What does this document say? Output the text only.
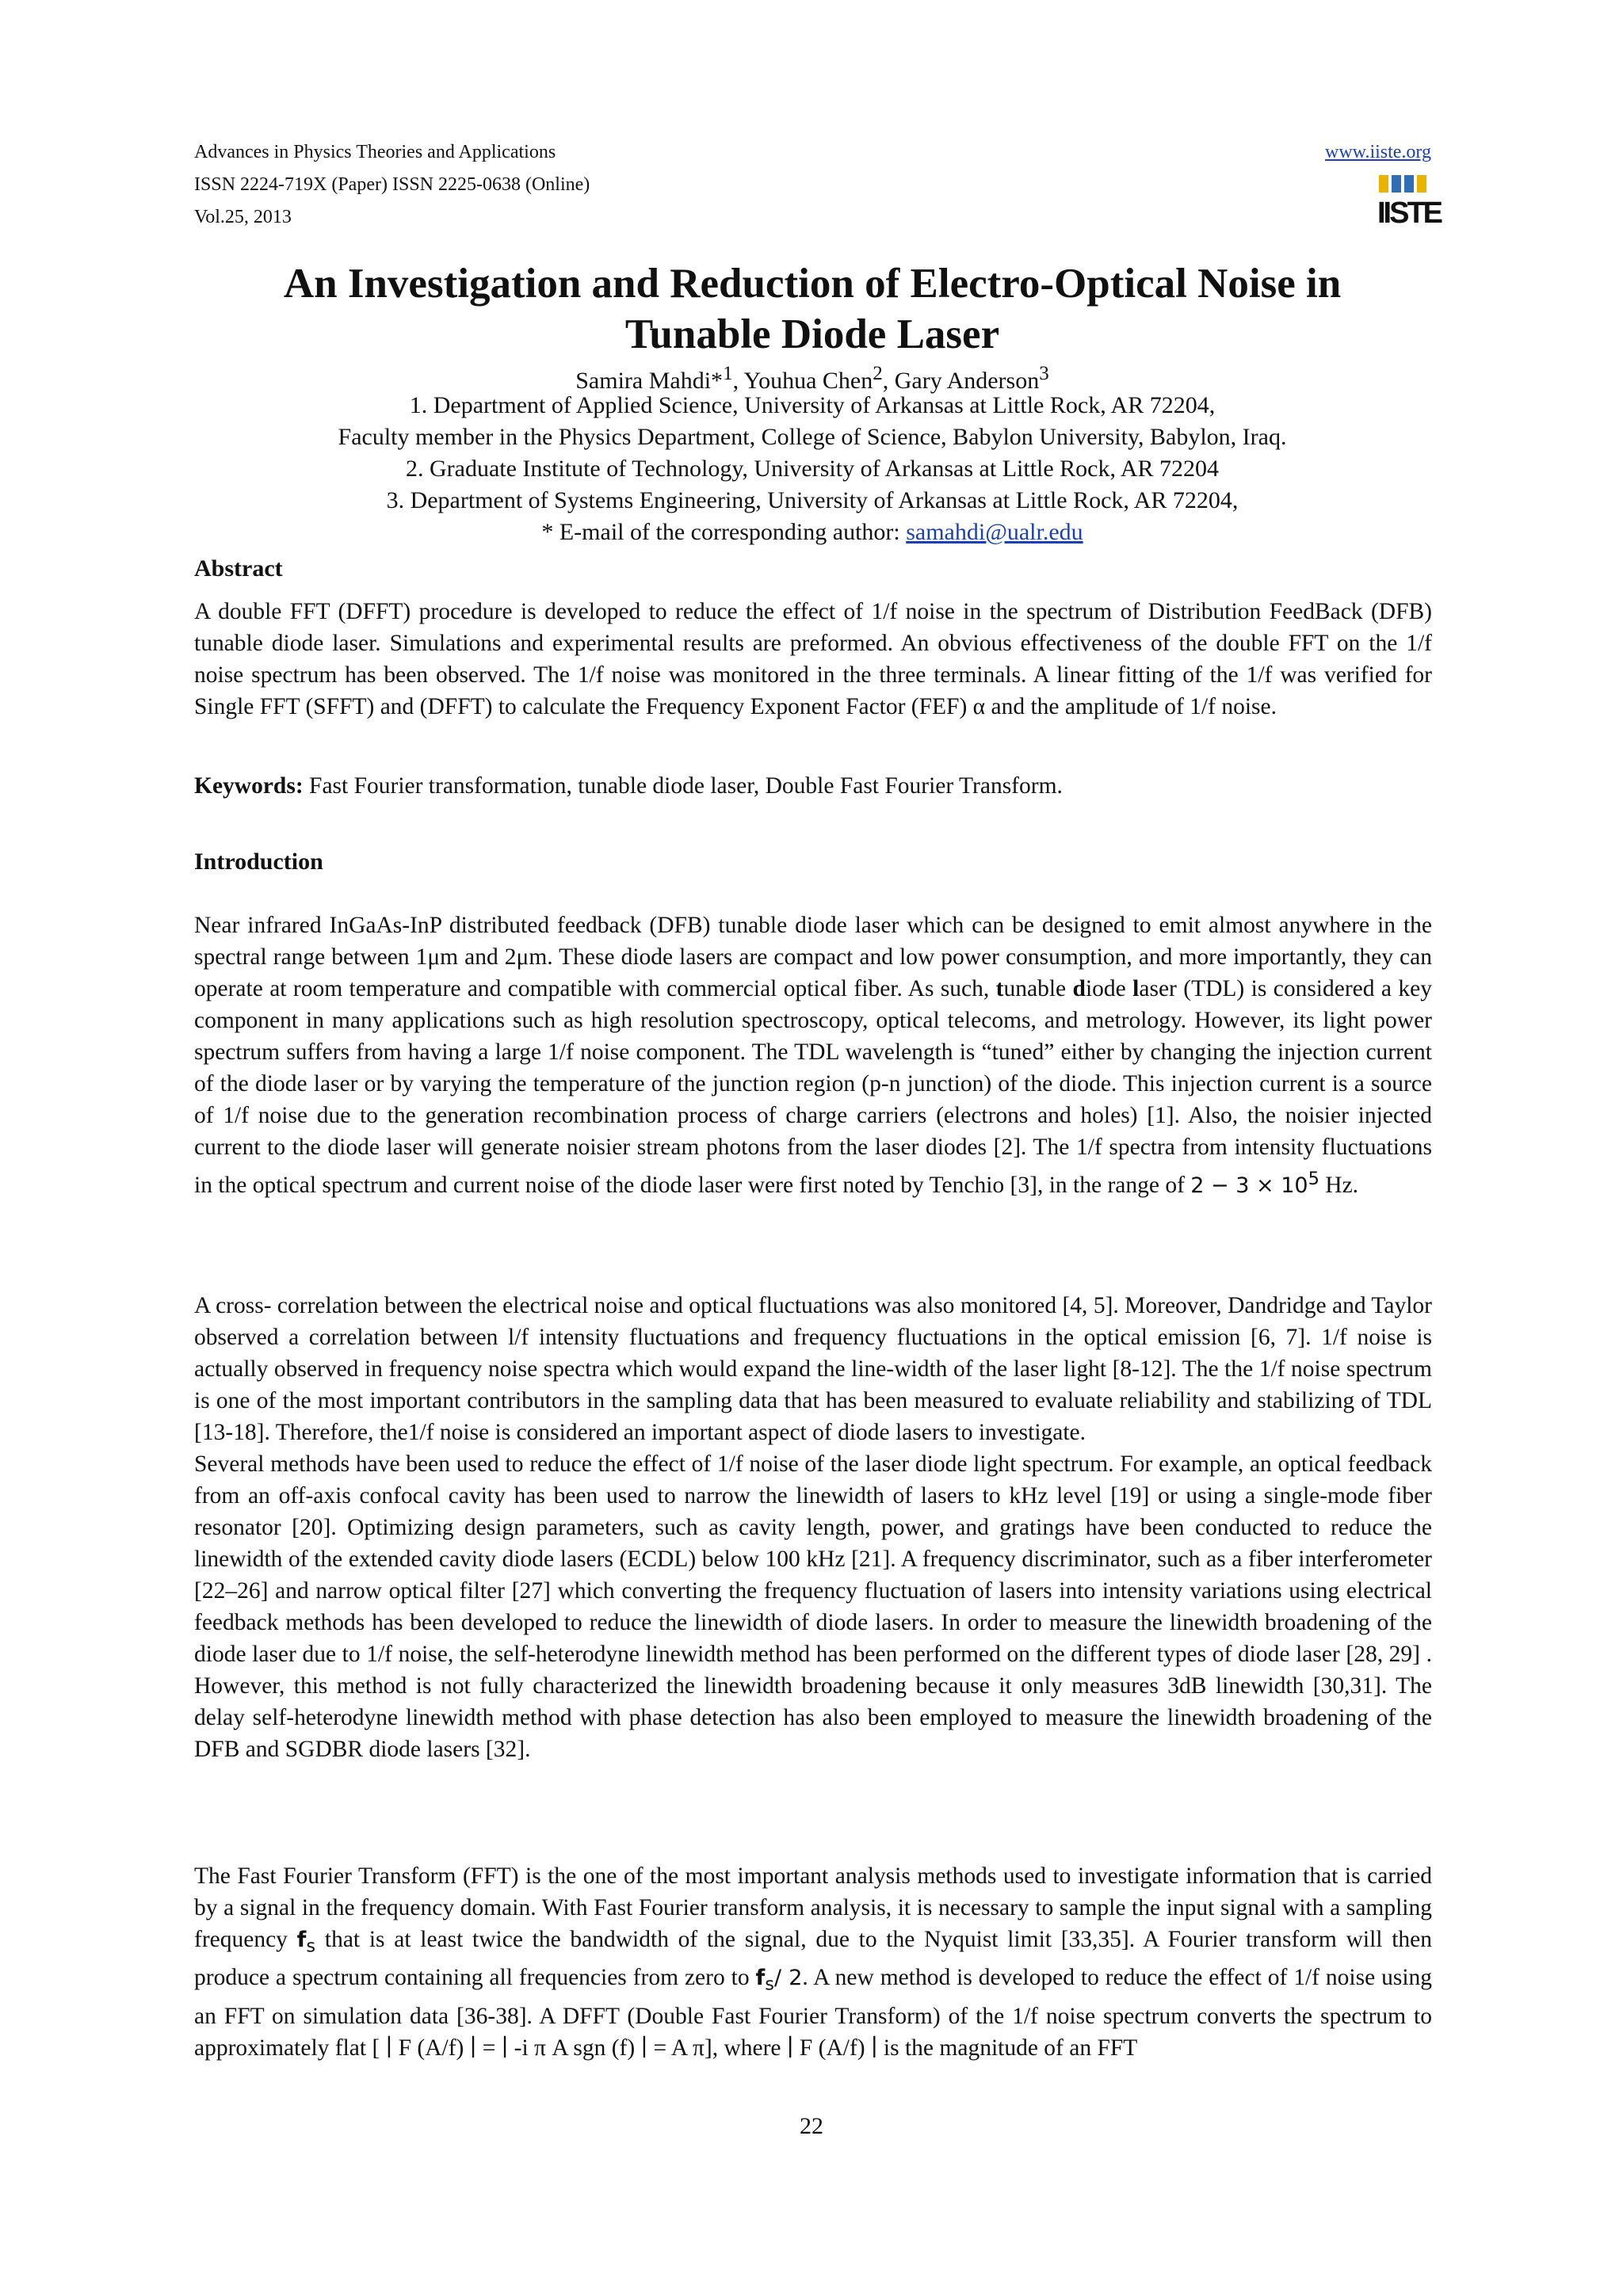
Advances in Physics Theories and Applications
ISSN 2224-719X (Paper) ISSN 2225-0638 (Online)
Vol.25, 2013
www.iiste.org
IISTE
An Investigation and Reduction of Electro-Optical Noise in
Tunable Diode Laser
Samira Mahdi*$^1$, Youhua Chen$^2$, Gary Anderson$^3$
1. Department of Applied Science, University of Arkansas at Little Rock, AR 72204,
Faculty member in the Physics Department, College of Science, Babylon University, Babylon, Iraq.
2. Graduate Institute of Technology, University of Arkansas at Little Rock, AR 72204
3. Department of Systems Engineering, University of Arkansas at Little Rock, AR 72204,
* E-mail of the corresponding author: samahdi@ualr.edu
Abstract

A double FFT (DFFT) procedure is developed to reduce the effect of 1/f noise in the spectrum of Distribution FeedBack (DFB) tunable diode laser. Simulations and experimental results are preformed. An obvious effectiveness of the double FFT on the 1/f noise spectrum has been observed. The 1/f noise was monitored in the three terminals. A linear fitting of the 1/f was verified for Single FFT (SFFT) and (DFFT) to calculate the Frequency Exponent Factor (FEF) α and the amplitude of 1/f noise.

Keywords: Fast Fourier transformation, tunable diode laser, Double Fast Fourier Transform.
Introduction

Near infrared InGaAs-InP distributed feedback (DFB) tunable diode laser which can be designed to emit almost anywhere in the spectral range between 1μm and 2μm. These diode lasers are compact and low power consumption, and more importantly, they can operate at room temperature and compatible with commercial optical fiber. As such, tunable diode laser (TDL) is considered a key component in many applications such as high resolution spectroscopy, optical telecoms, and metrology. However, its light power spectrum suffers from having a large 1/f noise component. The TDL wavelength is “tuned” either by changing the injection current of the diode laser or by varying the temperature of the junction region (p-n junction) of the diode. This injection current is a source of 1/f noise due to the generation recombination process of charge carriers (electrons and holes) [1]. Also, the noisier injected current to the diode laser will generate noisier stream photons from the laser diodes [2]. The 1/f spectra from intensity fluctuations in the optical spectrum and current noise of the diode laser were first noted by Tenchio [3], in the range of $2 - 3 \times 10^5$ Hz.

A cross- correlation between the electrical noise and optical fluctuations was also monitored [4, 5]. Moreover, Dandridge and Taylor observed a correlation between l/f intensity fluctuations and frequency fluctuations in the optical emission [6, 7]. 1/f noise is actually observed in frequency noise spectra which would expand the line-width of the laser light [8-12]. The the 1/f noise spectrum is one of the most important contributors in the sampling data that has been measured to evaluate reliability and stabilizing of TDL [13-18]. Therefore, the1/f noise is considered an important aspect of diode lasers to investigate.

Several methods have been used to reduce the effect of 1/f noise of the laser diode light spectrum. For example, an optical feedback from an off-axis confocal cavity has been used to narrow the linewidth of lasers to kHz level [19] or using a single-mode fiber resonator [20]. Optimizing design parameters, such as cavity length, power, and gratings have been conducted to reduce the linewidth of the extended cavity diode lasers (ECDL) below 100 kHz [21]. A frequency discriminator, such as a fiber interferometer [22–26] and narrow optical filter [27] which converting the frequency fluctuation of lasers into intensity variations using electrical feedback methods has been developed to reduce the linewidth of diode lasers. In order to measure the linewidth broadening of the diode laser due to 1/f noise, the self-heterodyne linewidth method has been performed on the different types of diode laser [28, 29] . However, this method is not fully characterized the linewidth broadening because it only measures 3dB linewidth [30,31]. The delay self-heterodyne linewidth method with phase detection has also been employed to measure the linewidth broadening of the DFB and SGDBR diode lasers [32].

The Fast Fourier Transform (FFT) is the one of the most important analysis methods used to investigate information that is carried by a signal in the frequency domain. With Fast Fourier transform analysis, it is necessary to sample the input signal with a sampling frequency $f_s$ that is at least twice the bandwidth of the signal, due to the Nyquist limit [33,35]. A Fourier transform will then produce a spectrum containing all frequencies from zero to $f_s/$ 2. A new method is developed to reduce the effect of 1/f noise using an FFT on simulation data [36-38]. A DFFT (Double Fast Fourier Transform) of the 1/f noise spectrum converts the spectrum to approximately flat [ ∣ F (A/f) ∣ = ∣ -i π A sgn (f) ∣ = A π], where ∣ F (A/f) ∣ is the magnitude of an FFT

22
